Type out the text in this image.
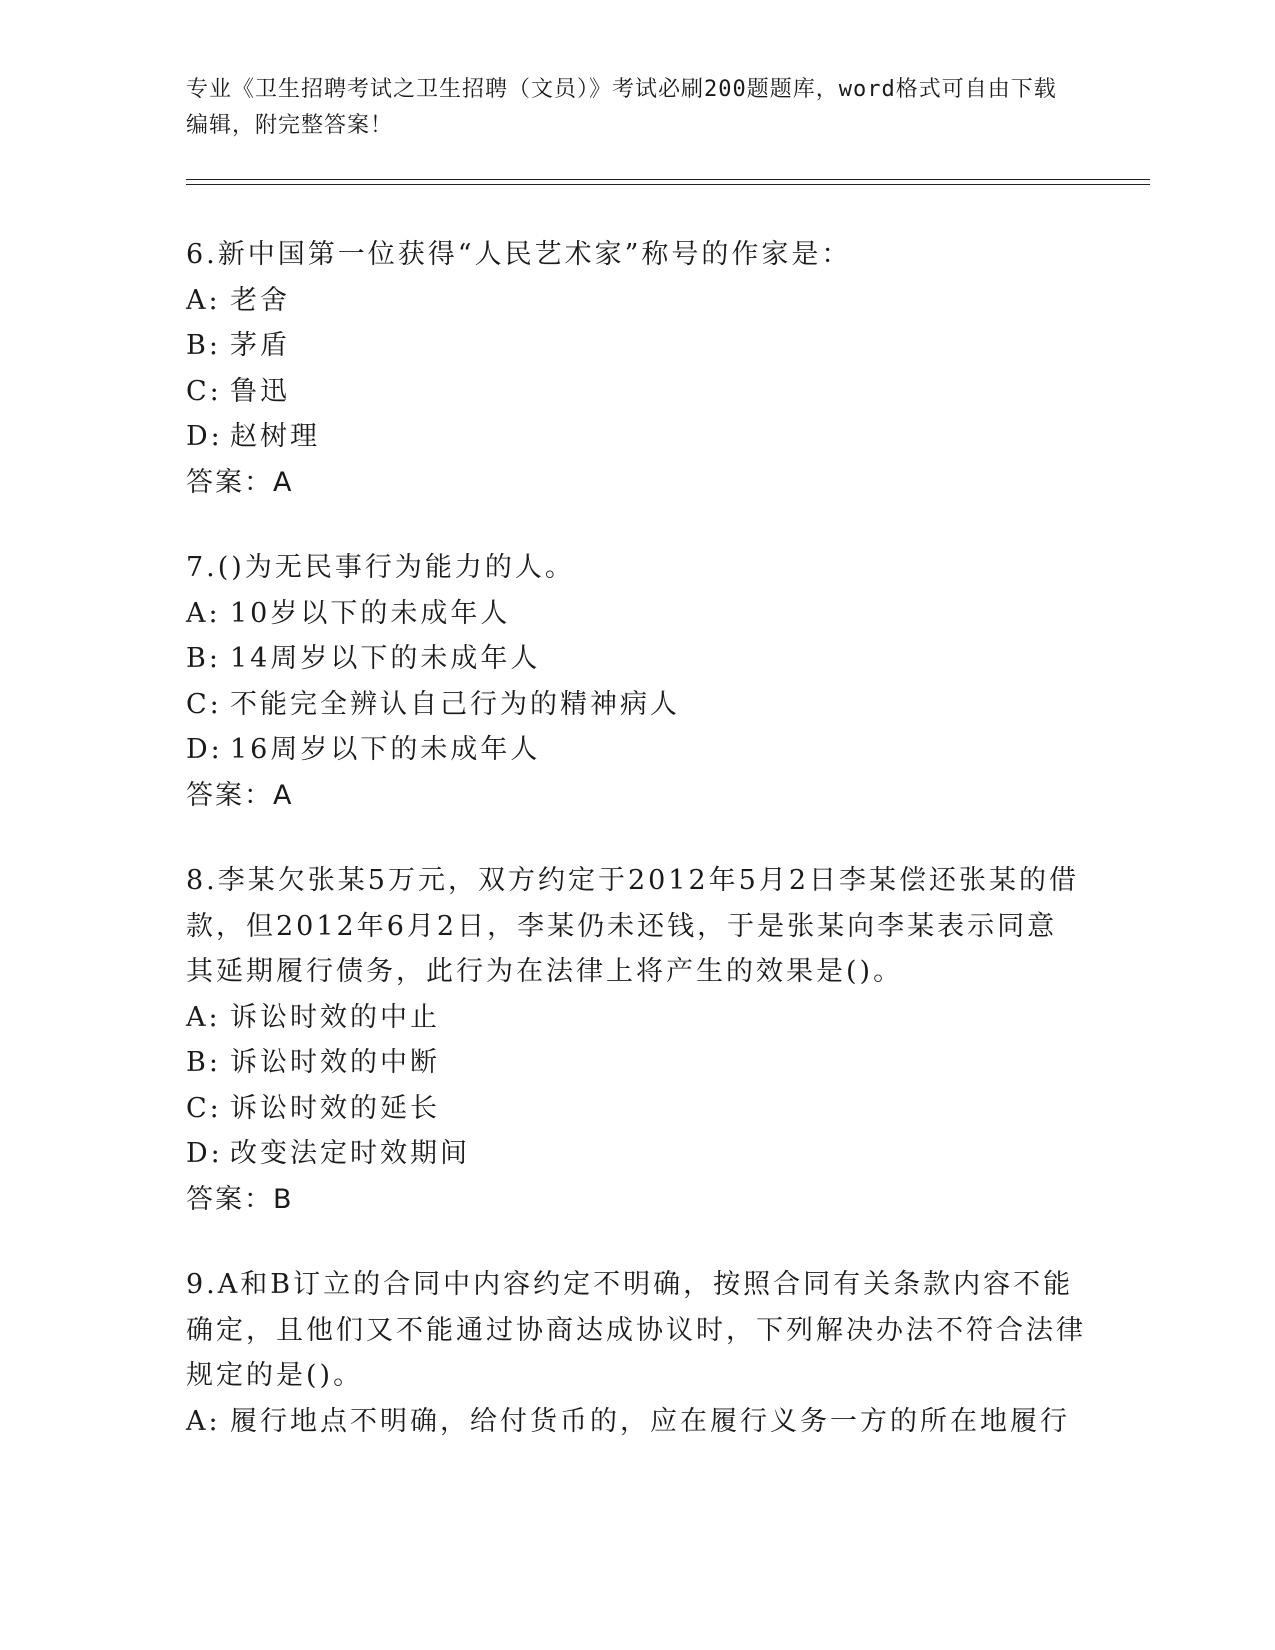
专业《卫生招聘考试之卫生招聘（文员）》考试必刷200题题库，word格式可自由下载编辑，附完整答案！

6.新中国第一位获得“人民艺术家”称号的作家是：

A: 老舍

B: 茅盾

C: 鲁迅

D: 赵树理

答案：A

7.()为无民事行为能力的人。

A: 10岁以下的未成年人

B: 14周岁以下的未成年人

C: 不能完全辨认自己行为的精神病人

D: 16周岁以下的未成年人

答案：A

8.李某欠张某5万元，双方约定于2012年5月2日李某偿还张某的借款，但2012年6月2日，李某仍未还钱，于是张某向李某表示同意其延期履行债务，此行为在法律上将产生的效果是()。

A: 诉讼时效的中止

B: 诉讼时效的中断

C: 诉讼时效的延长

D: 改变法定时效期间

答案：B

9.A和B订立的合同中内容约定不明确，按照合同有关条款内容不能确定，且他们又不能通过协商达成协议时，下列解决办法不符合法律规定的是()。

A: 履行地点不明确，给付货币的，应在履行义务一方的所在地履行
